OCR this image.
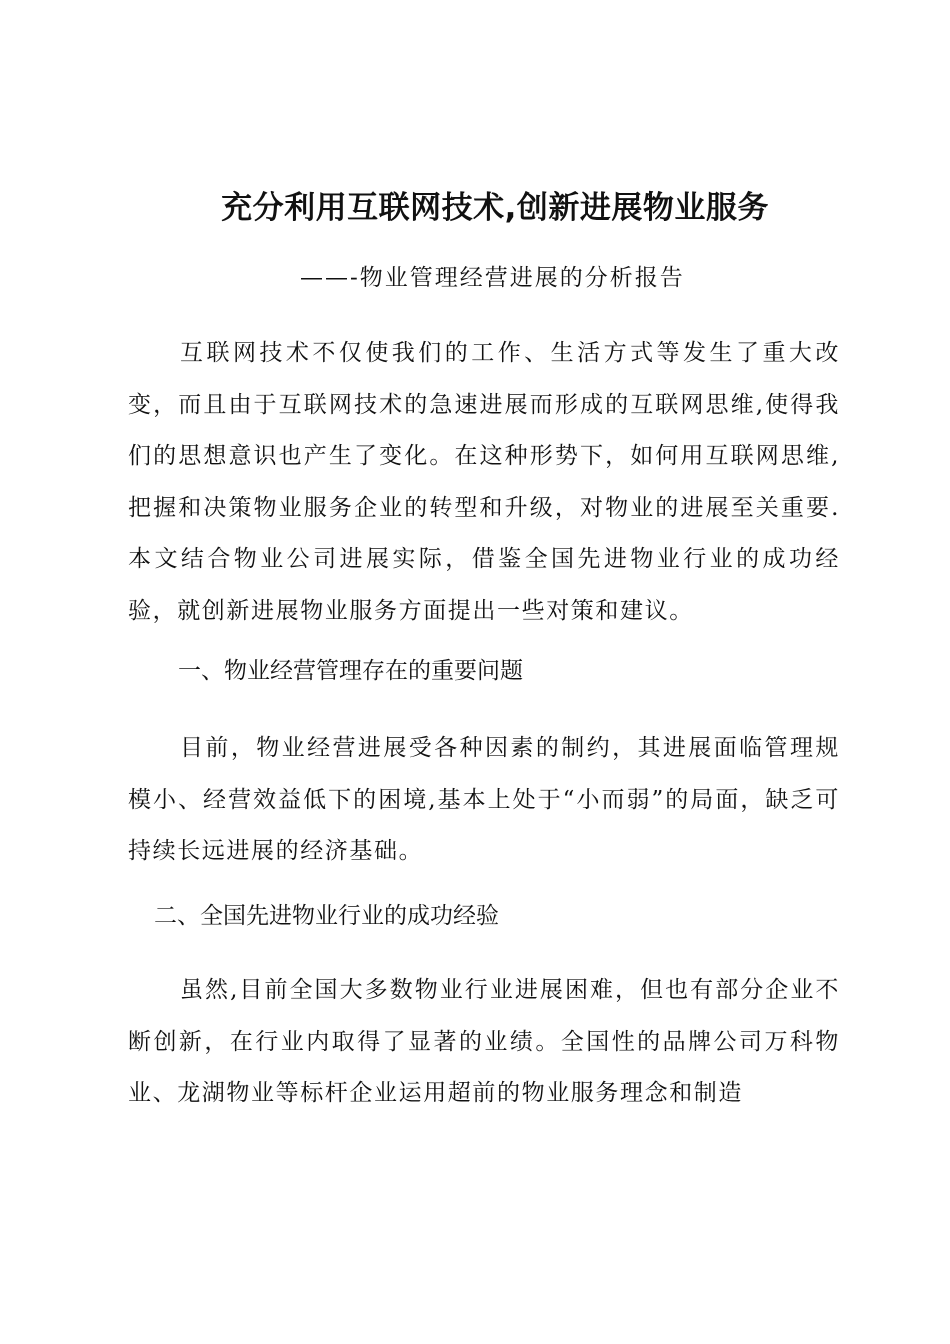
充分利用互联网技术,创新进展物业服务
——-物业管理经营进展的分析报告

互联网技术不仅使我们的工作、生活方式等发生了重大改变，而且由于互联网技术的急速进展而形成的互联网思维,使得我们的思想意识也产生了变化。在这种形势下，如何用互联网思维,把握和决策物业服务企业的转型和升级，对物业的进展至关重要.本文结合物业公司进展实际，借鉴全国先进物业行业的成功经验，就创新进展物业服务方面提出一些对策和建议。

一、物业经营管理存在的重要问题

目前，物业经营进展受各种因素的制约，其进展面临管理规模小、经营效益低下的困境,基本上处于“小而弱”的局面，缺乏可持续长远进展的经济基础。

二、全国先进物业行业的成功经验

虽然,目前全国大多数物业行业进展困难，但也有部分企业不断创新，在行业内取得了显著的业绩。全国性的品牌公司万科物业、龙湖物业等标杆企业运用超前的物业服务理念和制造
